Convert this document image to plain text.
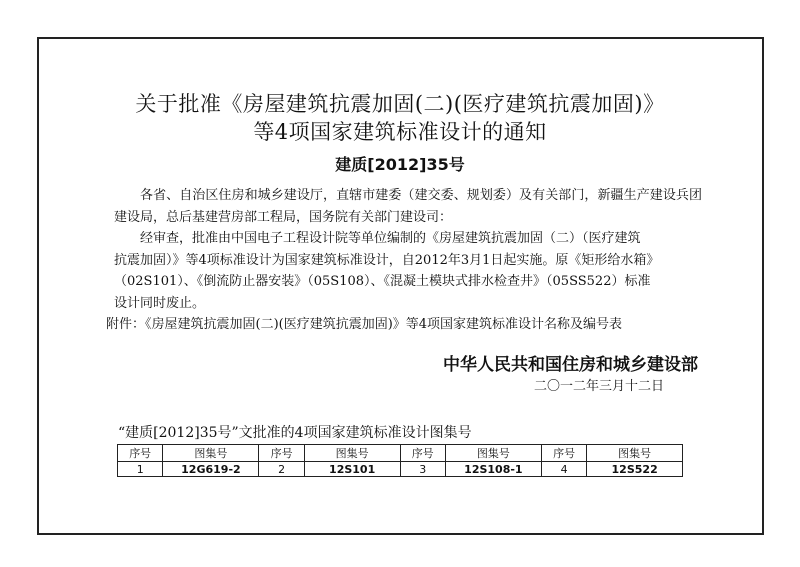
关于批准《房屋建筑抗震加固(二)(医疗建筑抗震加固)》
等4项国家建筑标准设计的通知
建质[2012]35号

各省、自治区住房和城乡建设厅，直辖市建委（建交委、规划委）及有关部门，新疆生产建设兵团建设局，总后基建营房部工程局，国务院有关部门建设司：

经审查，批准由中国电子工程设计院等单位编制的《房屋建筑抗震加固（二）（医疗建筑

抗震加固）》等4项标准设计为国家建筑标准设计，自2012年3月1日起实施。原《矩形给水箱》

（02S101）、《倒流防止器安装》（05S108）、《混凝土模块式排水检查井》（05SS522）标准

设计同时废止。

附件：《房屋建筑抗震加固(二)(医疗建筑抗震加固)》等4项国家建筑标准设计名称及编号表

中华人民共和国住房和城乡建设部
二〇一二年三月十二日
“建质[2012]35号”文批准的4项国家建筑标准设计图集号
序号	图集号	序号	图集号	序号	图集号	序号	图集号
1	12G619-2	2	12S101	3	12S108-1	4	12S522
